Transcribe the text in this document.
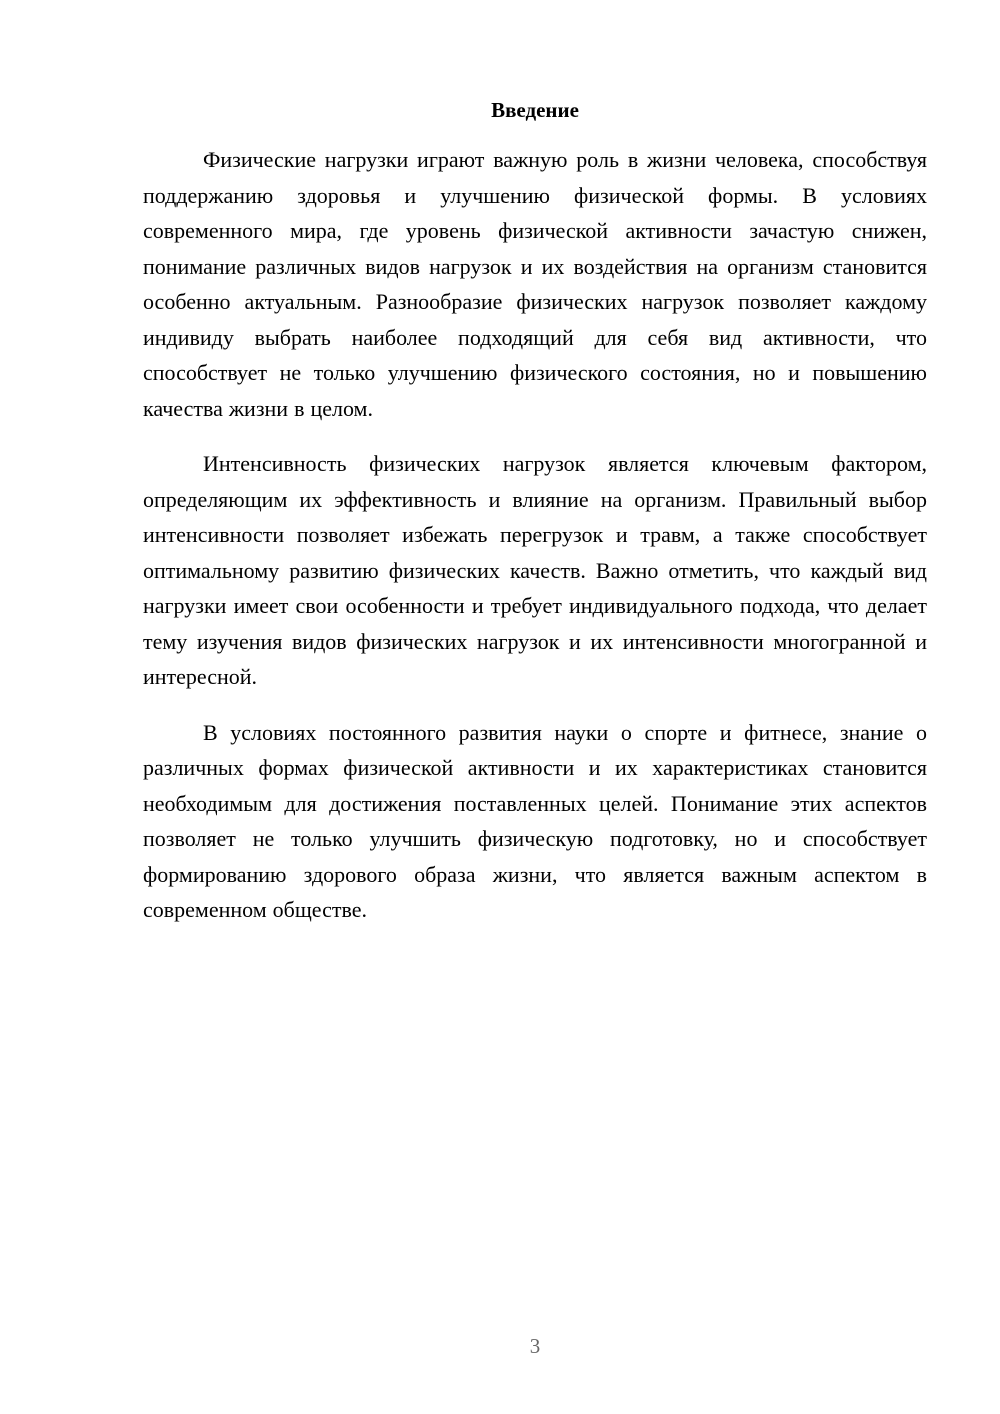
Введение

Физические нагрузки играют важную роль в жизни человека, способствуя поддержанию здоровья и улучшению физической формы. В условиях современного мира, где уровень физической активности зачастую снижен, понимание различных видов нагрузок и их воздействия на организм становится особенно актуальным. Разнообразие физических нагрузок позволяет каждому индивиду выбрать наиболее подходящий для себя вид активности, что способствует не только улучшению физического состояния, но и повышению качества жизни в целом.

Интенсивность физических нагрузок является ключевым фактором, определяющим их эффективность и влияние на организм. Правильный выбор интенсивности позволяет избежать перегрузок и травм, а также способствует оптимальному развитию физических качеств. Важно отметить, что каждый вид нагрузки имеет свои особенности и требует индивидуального подхода, что делает тему изучения видов физических нагрузок и их интенсивности многогранной и интересной.

В условиях постоянного развития науки о спорте и фитнесе, знание о различных формах физической активности и их характеристиках становится необходимым для достижения поставленных целей. Понимание этих аспектов позволяет не только улучшить физическую подготовку, но и способствует формированию здорового образа жизни, что является важным аспектом в современном обществе.

3
